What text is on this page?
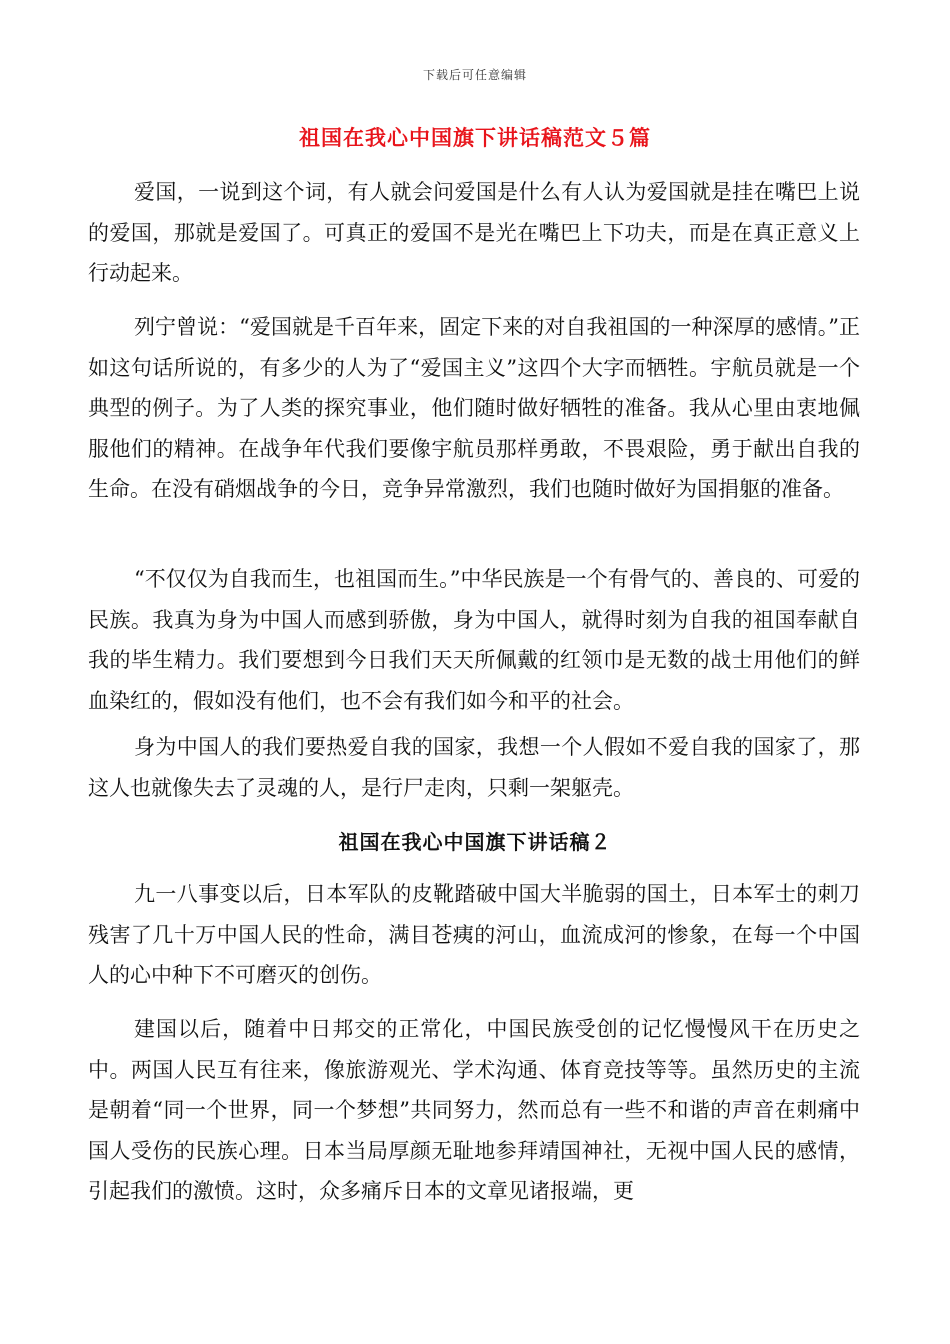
下载后可任意编辑
祖国在我心中国旗下讲话稿范文５篇

爱国，一说到这个词，有人就会问爱国是什么有人认为爱国就是挂在嘴巴上说的爱国，那就是爱国了。可真正的爱国不是光在嘴巴上下功夫，而是在真正意义上行动起来。

列宁曾说：“爱国就是千百年来，固定下来的对自我祖国的一种深厚的感情。”正如这句话所说的，有多少的人为了“爱国主义”这四个大字而牺牲。宇航员就是一个典型的例子。为了人类的探究事业，他们随时做好牺牲的准备。我从心里由衷地佩服他们的精神。在战争年代我们要像宇航员那样勇敢，不畏艰险，勇于献出自我的生命。在没有硝烟战争的今日，竞争异常激烈，我们也随时做好为国捐躯的准备。

“不仅仅为自我而生，也祖国而生。”中华民族是一个有骨气的、善良的、可爱的民族。我真为身为中国人而感到骄傲，身为中国人，就得时刻为自我的祖国奉献自我的毕生精力。我们要想到今日我们天天所佩戴的红领巾是无数的战士用他们的鲜血染红的，假如没有他们，也不会有我们如今和平的社会。

身为中国人的我们要热爱自我的国家，我想一个人假如不爱自我的国家了，那这人也就像失去了灵魂的人，是行尸走肉，只剩一架躯壳。

祖国在我心中国旗下讲话稿２

九一八事变以后，日本军队的皮靴踏破中国大半脆弱的国土，日本军士的刺刀残害了几十万中国人民的性命，满目苍痍的河山，血流成河的惨象，在每一个中国人的心中种下不可磨灭的创伤。

建国以后，随着中日邦交的正常化，中国民族受创的记忆慢慢风干在历史之中。两国人民互有往来，像旅游观光、学术沟通、体育竞技等等。虽然历史的主流是朝着“同一个世界，同一个梦想”共同努力，然而总有一些不和谐的声音在刺痛中国人受伤的民族心理。日本当局厚颜无耻地参拜靖国神社，无视中国人民的感情，引起我们的激愤。这时，众多痛斥日本的文章见诸报端，更
